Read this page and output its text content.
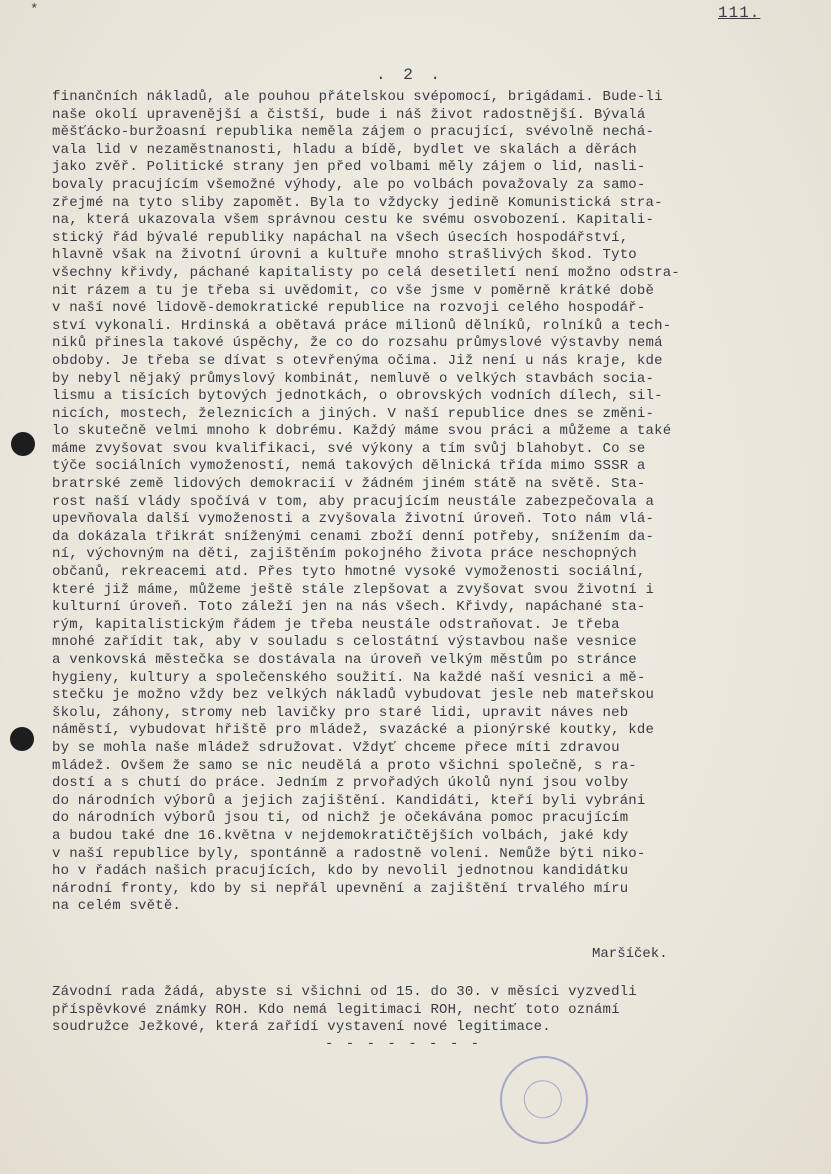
*	111.
. 2 .
finančních nákladů, ale pouhou přátelskou svépomocí, brigádami. Bude-li
naše okolí upravenější a čistší, bude i náš život radostnější. Bývalá
měšťácko-buržoasní republika neměla zájem o pracující, svévolně nechá-
vala lid v nezaměstnanosti, hladu a bídě, bydlet ve skalách a děrách
jako zvěř. Politické strany jen před volbami měly zájem o lid, nasli-
bovaly pracujícím všemožné výhody, ale po volbách považovaly za samo-
zřejmé na tyto sliby zapomět. Byla to vždycky jedině Komunistická stra-
na, která ukazovala všem správnou cestu ke svému osvobození. Kapitali-
stický řád bývalé republiky napáchal na všech úsecích hospodářství,
hlavně však na životní úrovni a kultuře mnoho strašlivých škod. Tyto
všechny křivdy, páchané kapitalisty po celá desetiletí není možno odstra-
nit rázem a tu je třeba si uvědomit, co vše jsme v poměrně krátké době
v naší nové lidově-demokratické republice na rozvoji celého hospodář-
ství vykonali. Hrdinská a obětavá práce milionů dělníků, rolníků a tech-
niků přinesla takové úspěchy, že co do rozsahu průmyslové výstavby nemá
obdoby. Je třeba se dívat s otevřenýma očima. Již není u nás kraje, kde
by nebyl nějaký průmyslový kombinát, nemluvě o velkých stavbách socia-
lismu a tisících bytových jednotkách, o obrovských vodních dílech, sil-
nicích, mostech, železnicích a jiných. V naší republice dnes se změni-
lo skutečně velmi mnoho k dobrému. Každý máme svou práci a můžeme a také
máme zvyšovat svou kvalifikaci, své výkony a tím svůj blahobyt. Co se
týče sociálních vymožeností, nemá takových dělnická třída mimo SSSR a
bratrské země lidových demokracií v žádném jiném státě na světě. Sta-
rost naší vlády spočívá v tom, aby pracujícím neustále zabezpečovala a
upevňovala další vymoženosti a zvyšovala životní úroveň. Toto nám vlá-
da dokázala třikrát sníženými cenami zboží denní potřeby, snížením da-
ní, výchovným na děti, zajištěním pokojného života práce neschopných
občanů, rekreacemi atd. Přes tyto hmotné vysoké vymoženosti sociální,
které již máme, můžeme ještě stále zlepšovat a zvyšovat svou životní i
kulturní úroveň. Toto záleží jen na nás všech. Křivdy, napáchané sta-
rým, kapitalistickým řádem je třeba neustále odstraňovat. Je třeba
mnohé zařídit tak, aby v souladu s celostátní výstavbou naše vesnice
a venkovská městečka se dostávala na úroveň velkým městům po stránce
hygieny, kultury a společenského soužití. Na každé naší vesnici a mě-
stečku je možno vždy bez velkých nákladů vybudovat jesle neb mateřskou
školu, záhony, stromy neb lavičky pro staré lidi, upravit náves neb
náměstí, vybudovat hřiště pro mládež, svazácké a pionýrské koutky, kde
by se mohla naše mládež sdružovat. Vždyť chceme přece míti zdravou
mládež. Ovšem že samo se nic neudělá a proto všichni společně, s ra-
dostí a s chutí do práce. Jedním z prvořadých úkolů nyní jsou volby
do národních výborů a jejich zajištění. Kandidáti, kteří byli vybráni
do národních výborů jsou ti, od nichž je očekávána pomoc pracujícím
a budou také dne 16.května v nejdemokratičtějších volbách, jaké kdy
v naší republice byly, spontánně a radostně voleni. Nemůže býti niko-
ho v řadách našich pracujících, kdo by nevolil jednotnou kandidátku
národní fronty, kdo by si nepřál upevnění a zajištění trvalého míru
na celém světě.
Maršíček.
Závodní rada žádá, abyste si všichni od 15. do 30. v měsíci vyzvedli
příspěvkové známky ROH. Kdo nemá legitimaci ROH, nechť toto oznámí
soudružce Ježkové, která zařídí vystavení nové legitimace.
- - - - - - - -
